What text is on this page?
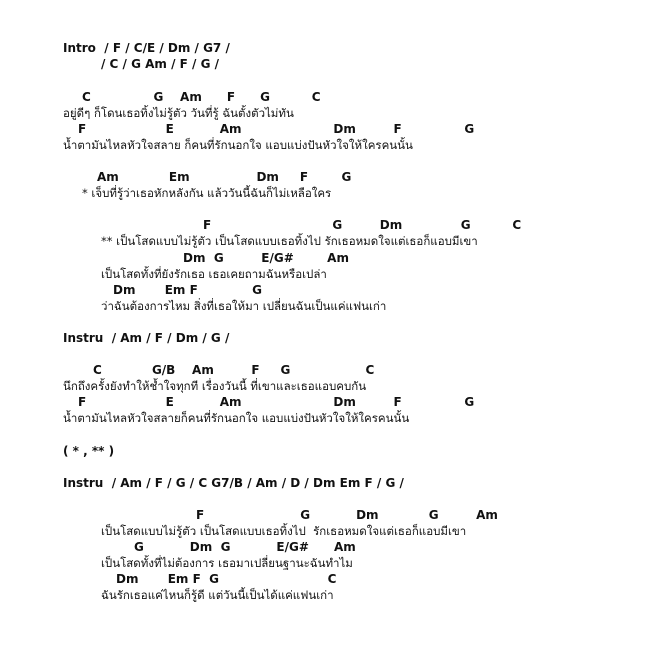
Intro  / F / C/E / Dm / G7 /
/ C / G Am / F / G /
C               G    Am      F      G          C
อยู่ดีๆ ก็โดนเธอทิ้งไม่รู้ตัว วันที่รู้ ฉันตั้งตัวไม่ทัน
F                   E           Am                      Dm         F               G
น้ำตามันไหลหัวใจสลาย ก็คนที่รักนอกใจ แอบแบ่งปันหัวใจให้ใครคนนั้น
Am            Em                Dm     F        G
* เจ็บที่รู้ว่าเธอหักหลังกัน แล้ววันนี้ฉันก็ไม่เหลือใคร
F                             G         Dm              G          C
** เป็นโสดแบบไม่รู้ตัว เป็นโสดแบบเธอทิ้งไป รักเธอหมดใจแต่เธอก็แอบมีเขา
Dm  G         E/G#        Am
เป็นโสดทั้งที่ยังรักเธอ เธอเคยถามฉันหรือเปล่า
Dm       Em F             G
ว่าฉันต้องการไหม สิ่งที่เธอให้มา เปลี่ยนฉันเป็นแค่แฟนเก่า
Instru  / Am / F / Dm / G /
C            G/B    Am         F     G                  C
นึกถึงครั้งยังทำให้ช้ำใจทุกที เรื่องวันนี้ ที่เขาและเธอแอบคบกัน
F                   E           Am                      Dm         F               G
น้ำตามันไหลหัวใจสลายก็คนที่รักนอกใจ แอบแบ่งปันหัวใจให้ใครคนนั้น
( * , ** )
Instru  / Am / F / G / C G7/B / Am / D / Dm Em F / G /
F                       G           Dm            G         Am
เป็นโสดแบบไม่รู้ตัว เป็นโสดแบบเธอทิ้งไป  รักเธอหมดใจแต่เธอก็แอบมีเขา
G           Dm  G           E/G#      Am
เป็นโสดทั้งที่ไม่ต้องการ เธอมาเปลี่ยนฐานะฉันทำไม
Dm       Em F  G                          C
ฉันรักเธอแค่ไหนก็รู้ดี แต่วันนี้เป็นได้แค่แฟนเก่า
